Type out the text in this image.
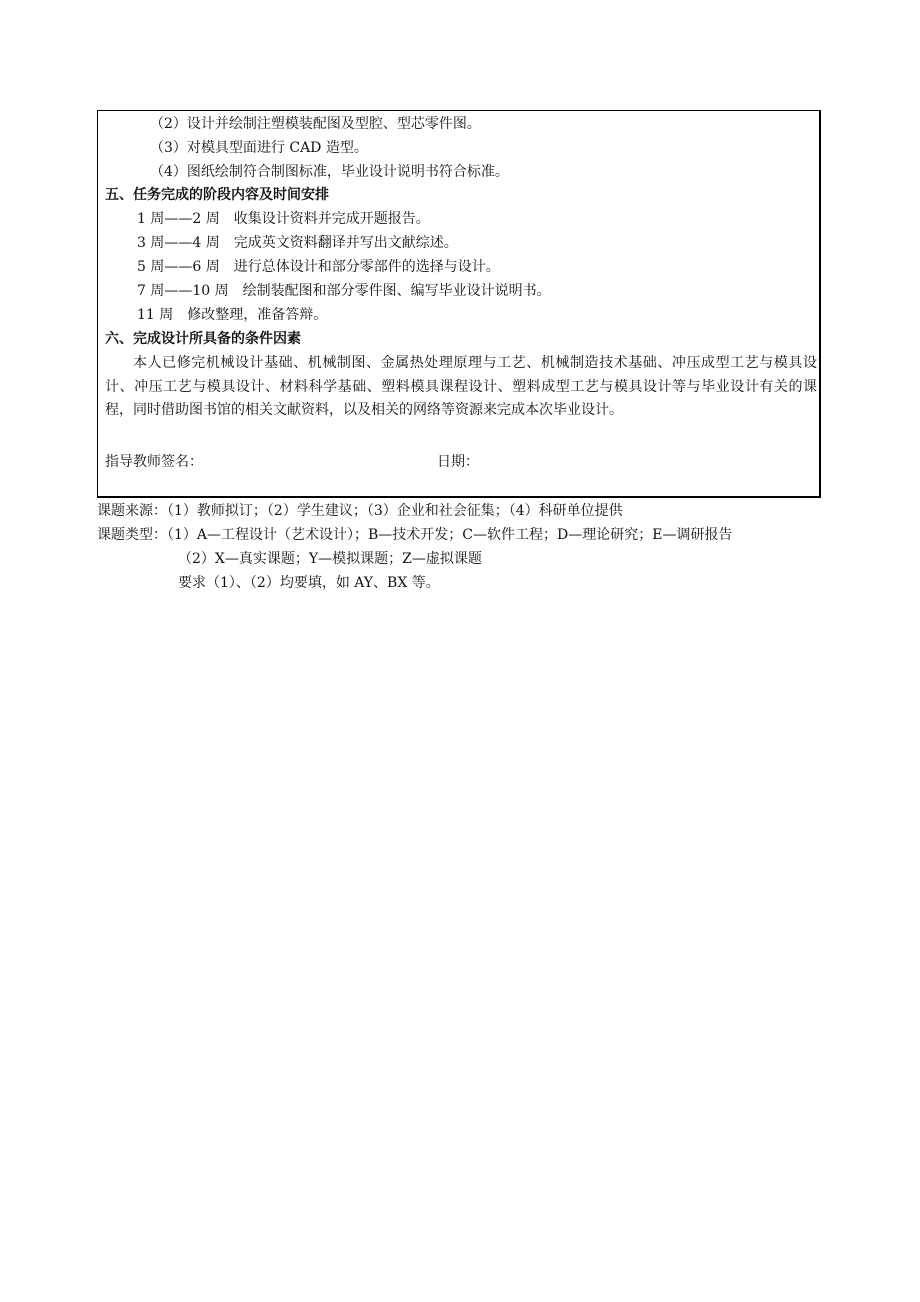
（2）设计并绘制注塑模装配图及型腔、型芯零件图。
（3）对模具型面进行 CAD 造型。
（4）图纸绘制符合制图标准，毕业设计说明书符合标准。
五、任务完成的阶段内容及时间安排
1 周——2 周　收集设计资料并完成开题报告。
3 周——4 周　完成英文资料翻译并写出文献综述。
5 周——6 周　进行总体设计和部分零部件的选择与设计。
7 周——10 周　绘制装配图和部分零件图、编写毕业设计说明书。
11 周　修改整理，准备答辩。
六、完成设计所具备的条件因素
本人已修完机械设计基础、机械制图、金属热处理原理与工艺、机械制造技术基础、冲压成型工艺与模具设计、冲压工艺与模具设计、材料科学基础、塑料模具课程设计、塑料成型工艺与模具设计等与毕业设计有关的课程，同时借助图书馆的相关文献资料，以及相关的网络等资源来完成本次毕业设计。
指导教师签名：	日期：
课题来源：（1）教师拟订；（2）学生建议；（3）企业和社会征集；（4）科研单位提供
课题类型：（1）A—工程设计（艺术设计）；B—技术开发；C—软件工程；D—理论研究；E—调研报告
（2）X—真实课题；Y—模拟课题；Z—虚拟课题
要求（1）、（2）均要填，如 AY、BX 等。
